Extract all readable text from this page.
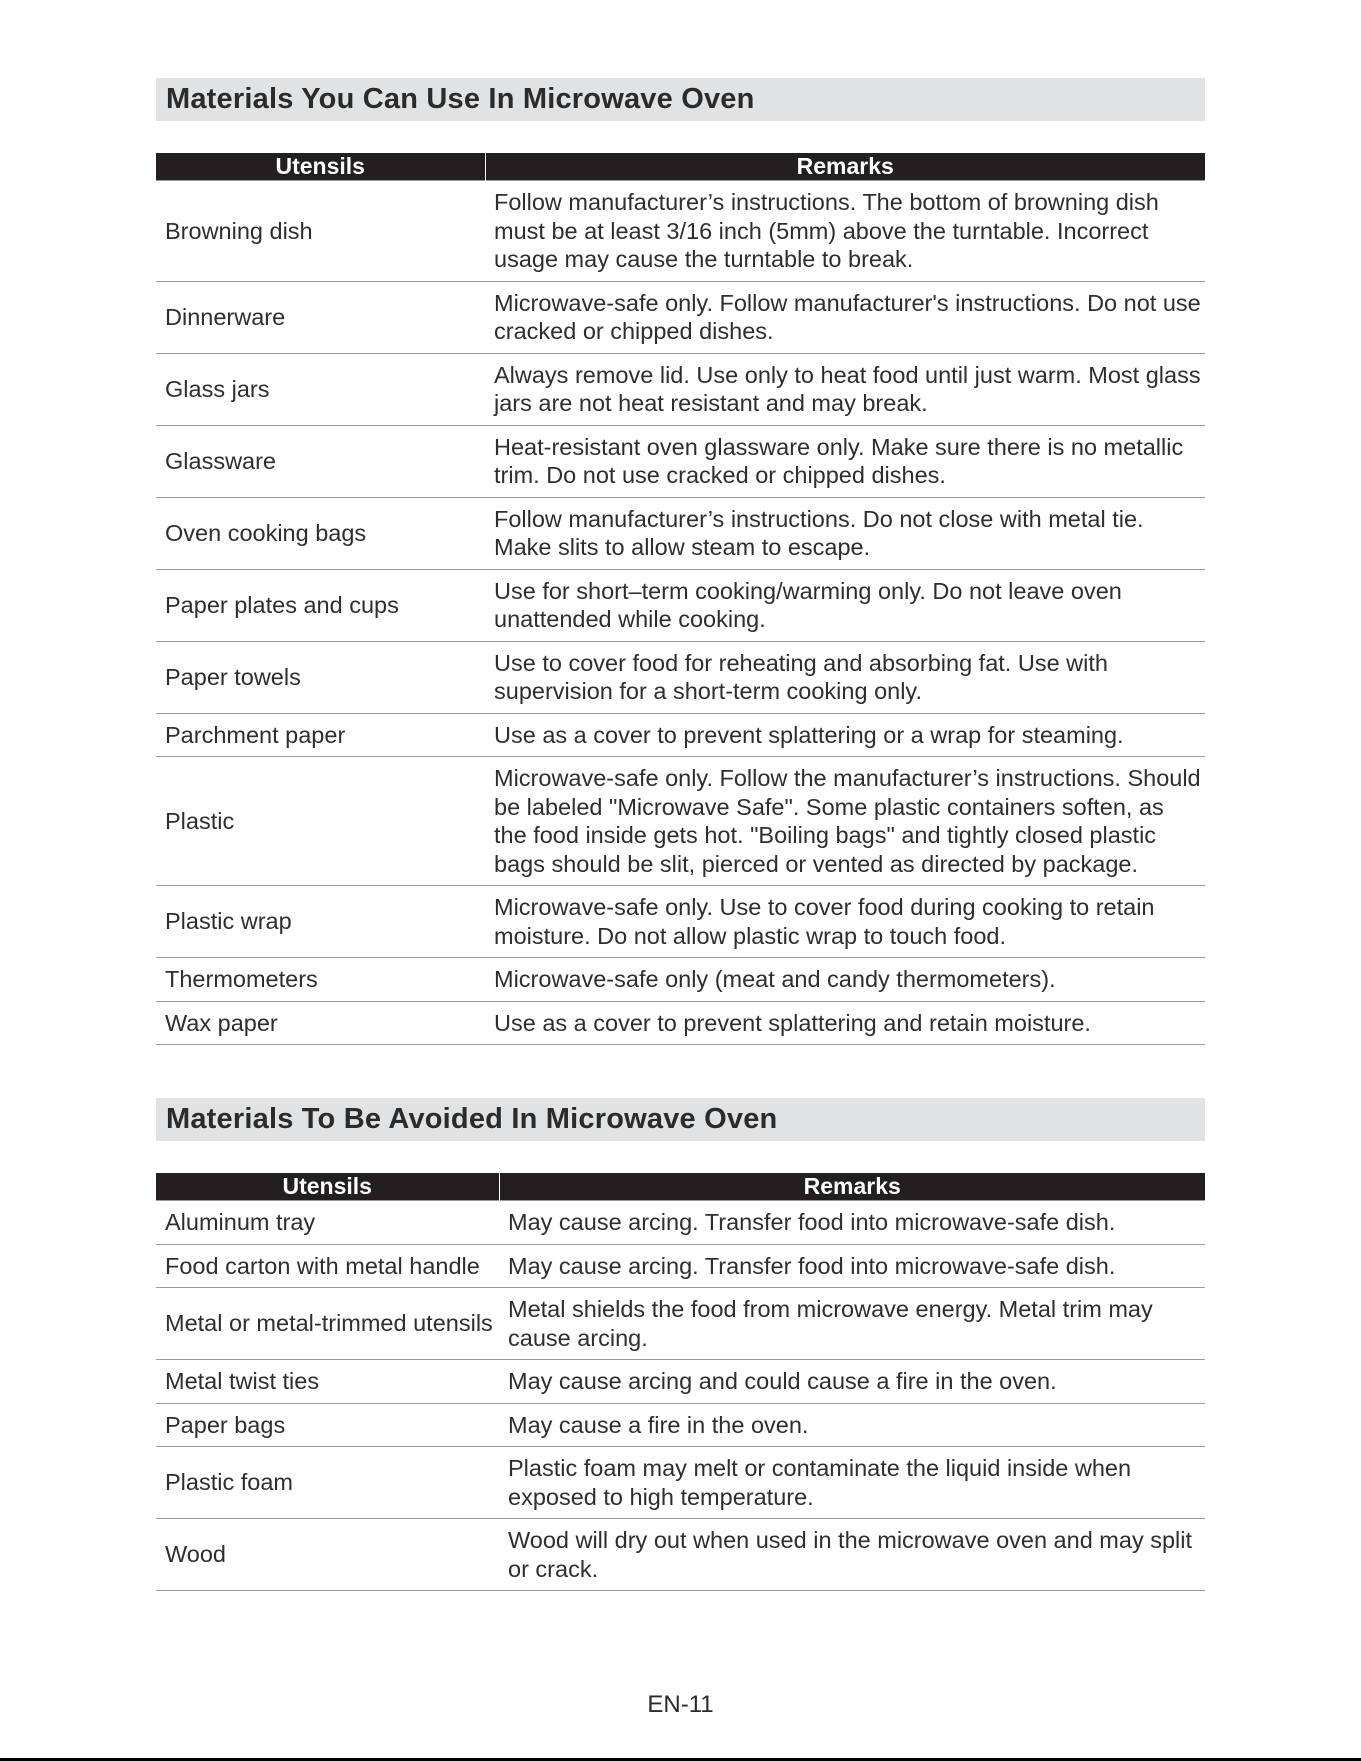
Materials You Can Use In Microwave Oven
Utensils	Remarks
Browning dish	Follow manufacturer’s instructions. The bottom of browning dish must be at least 3/16 inch (5mm) above the turntable. Incorrect usage may cause the turntable to break.
Dinnerware	Microwave-safe only. Follow manufacturer's instructions. Do not use cracked or chipped dishes.
Glass jars	Always remove lid. Use only to heat food until just warm. Most glass jars are not heat resistant and may break.
Glassware	Heat-resistant oven glassware only. Make sure there is no metallic trim. Do not use cracked or chipped dishes.
Oven cooking bags	Follow manufacturer’s instructions. Do not close with metal tie. Make slits to allow steam to escape.
Paper plates and cups	Use for short–term cooking/warming only. Do not leave oven unattended while cooking.
Paper towels	Use to cover food for reheating and absorbing fat. Use with supervision for a short-term cooking only.
Parchment paper	Use as a cover to prevent splattering or a wrap for steaming.
Plastic	Microwave-safe only. Follow the manufacturer’s instructions. Should be labeled "Microwave Safe". Some plastic containers soften, as the food inside gets hot. "Boiling bags" and tightly closed plastic bags should be slit, pierced or vented as directed by package.
Plastic wrap	Microwave-safe only. Use to cover food during cooking to retain moisture. Do not allow plastic wrap to touch food.
Thermometers	Microwave-safe only (meat and candy thermometers).
Wax paper	Use as a cover to prevent splattering and retain moisture.
Materials To Be Avoided In Microwave Oven
Utensils	Remarks
Aluminum tray	May cause arcing. Transfer food into microwave-safe dish.
Food carton with metal handle	May cause arcing. Transfer food into microwave-safe dish.
Metal or metal-trimmed utensils	Metal shields the food from microwave energy. Metal trim may cause arcing.
Metal twist ties	May cause arcing and could cause a fire in the oven.
Paper bags	May cause a fire in the oven.
Plastic foam	Plastic foam may melt or contaminate the liquid inside when exposed to high temperature.
Wood	Wood will dry out when used in the microwave oven and may split or crack.
EN-11
